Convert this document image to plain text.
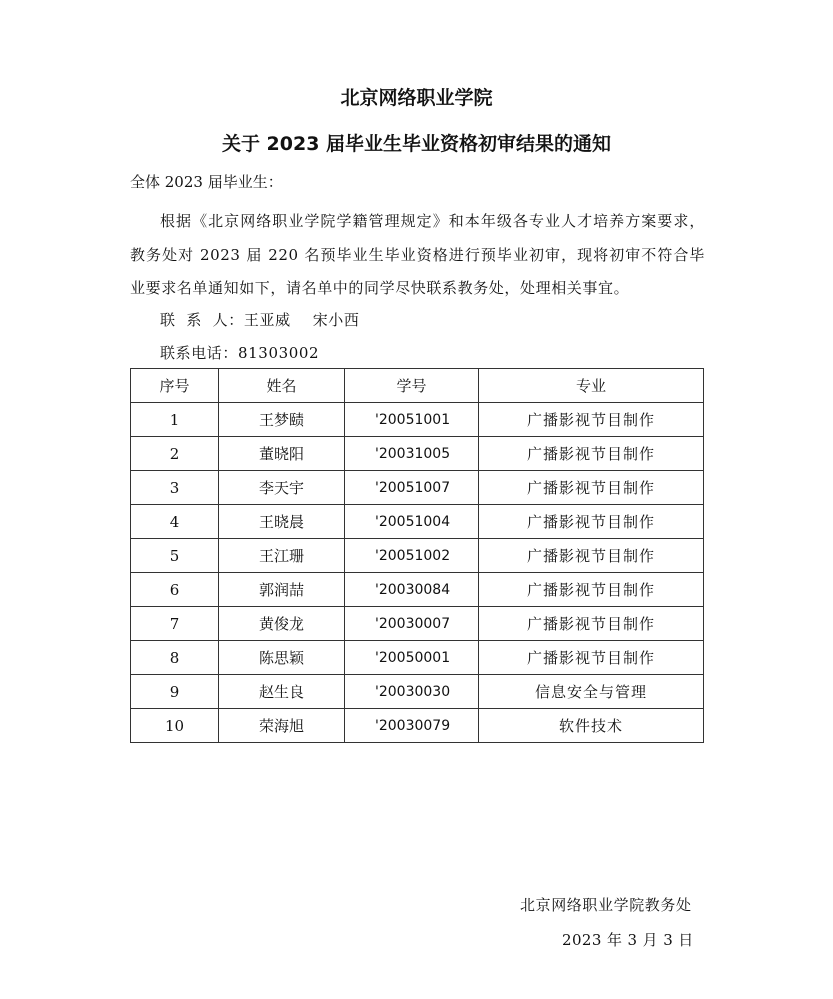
北京网络职业学院
关于 2023 届毕业生毕业资格初审结果的通知

全体 2023 届毕业生：

根据《北京网络职业学院学籍管理规定》和本年级各专业人才培养方案要求，教务处对 2023 届 220 名预毕业生毕业资格进行预毕业初审，现将初审不符合毕业要求名单通知如下，请名单中的同学尽快联系教务处，处理相关事宜。

联  系  人：王亚威 宋小西

联系电话：81303002

序号	姓名	学号	专业
1	王梦赜	'20051001	广播影视节目制作
2	董晓阳	'20031005	广播影视节目制作
3	李天宇	'20051007	广播影视节目制作
4	王晓晨	'20051004	广播影视节目制作
5	王江珊	'20051002	广播影视节目制作
6	郭润喆	'20030084	广播影视节目制作
7	黄俊龙	'20030007	广播影视节目制作
8	陈思颖	'20050001	广播影视节目制作
9	赵生良	'20030030	信息安全与管理
10	荣海旭	'20030079	软件技术

北京网络职业学院教务处

2023 年 3 月 3 日
